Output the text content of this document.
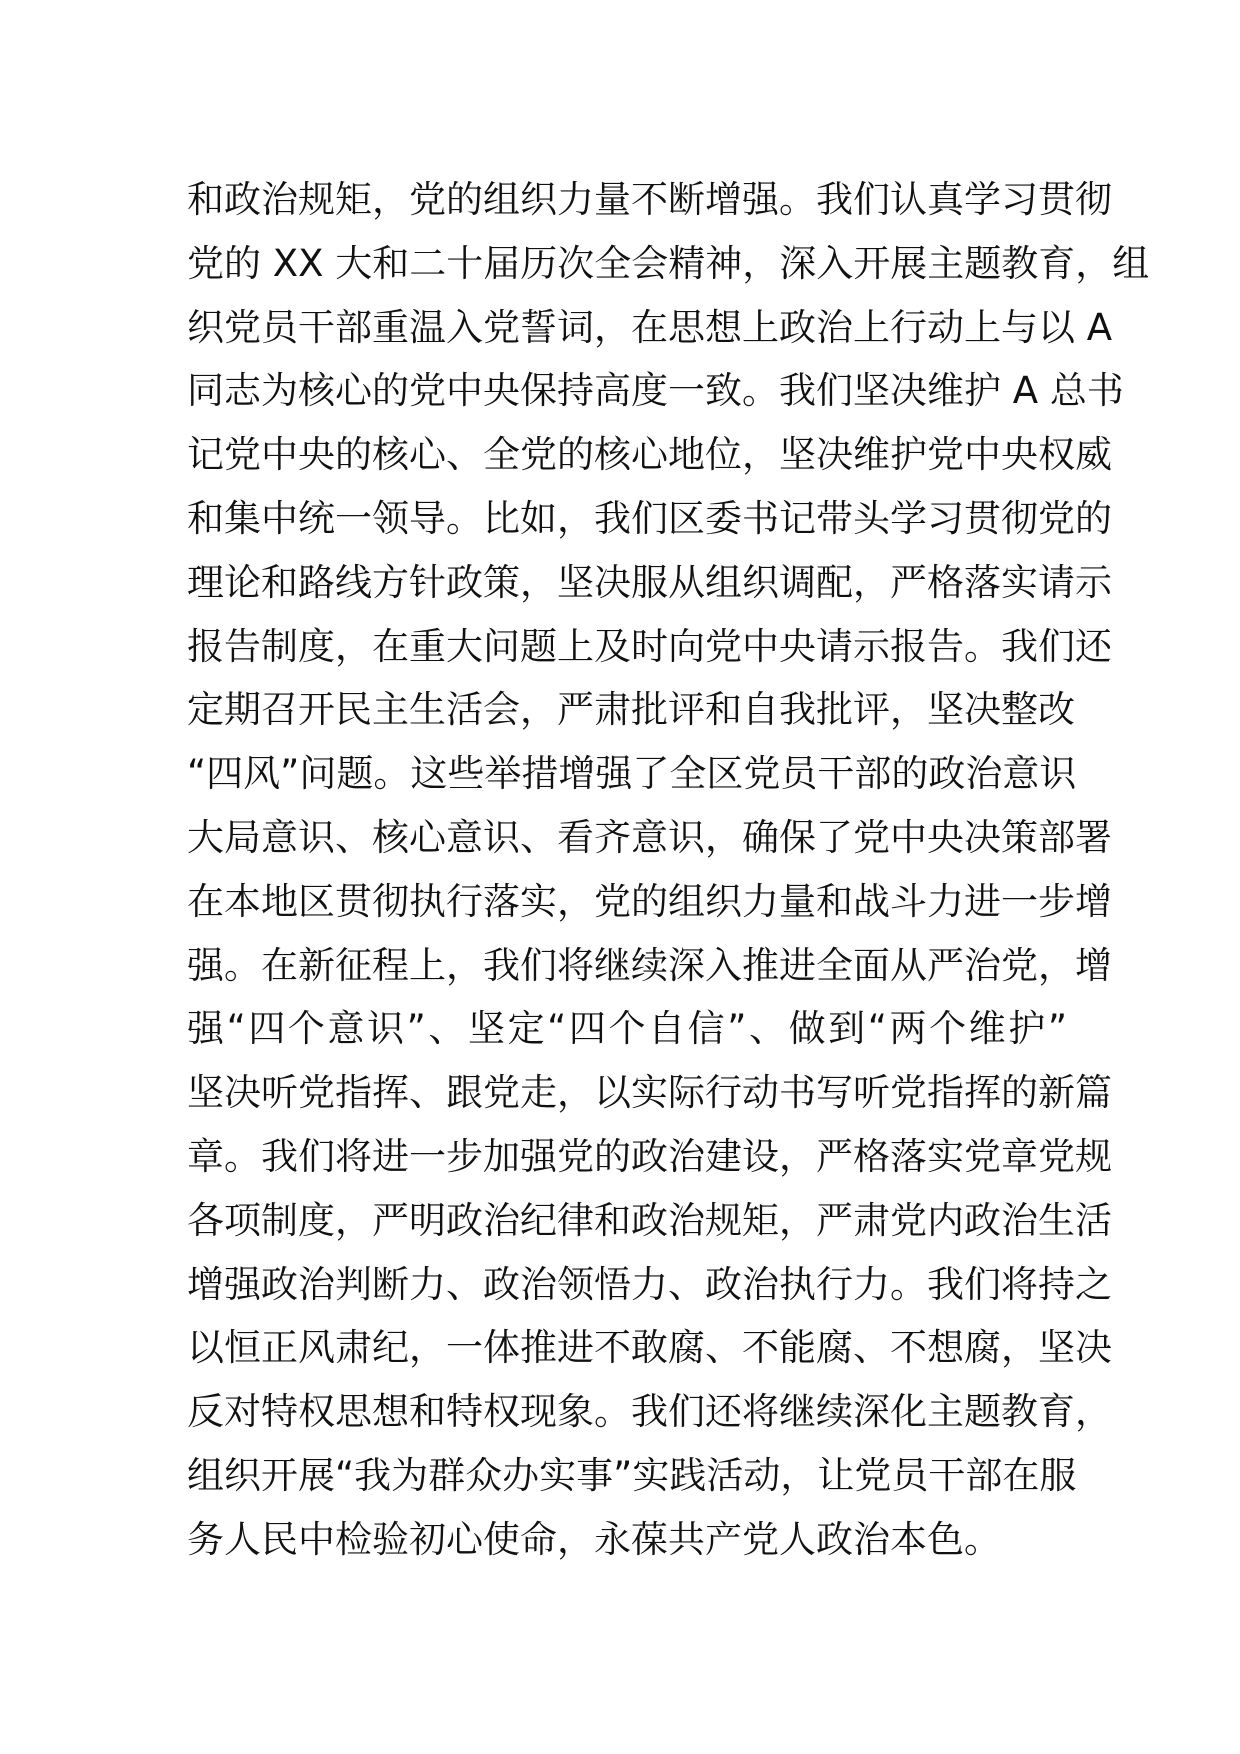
和政治规矩，党的组织力量不断增强。我们认真学习贯彻
党的 XX 大和二十届历次全会精神，深入开展主题教育，组
织党员干部重温入党誓词，在思想上政治上行动上与以 A
同志为核心的党中央保持高度一致。我们坚决维护 A 总书
记党中央的核心、全党的核心地位，坚决维护党中央权威
和集中统一领导。比如，我们区委书记带头学习贯彻党的
理论和路线方针政策，坚决服从组织调配，严格落实请示
报告制度，在重大问题上及时向党中央请示报告。我们还
定期召开民主生活会，严肃批评和自我批评，坚决整改
“四风”问题。这些举措增强了全区党员干部的政治意识
大局意识、核心意识、看齐意识，确保了党中央决策部署
在本地区贯彻执行落实，党的组织力量和战斗力进一步增
强。在新征程上，我们将继续深入推进全面从严治党，增
强“四个意识”、坚定“四个自信”、做到“两个维护”
坚决听党指挥、跟党走，以实际行动书写听党指挥的新篇
章。我们将进一步加强党的政治建设，严格落实党章党规
各项制度，严明政治纪律和政治规矩，严肃党内政治生活
增强政治判断力、政治领悟力、政治执行力。我们将持之
以恒正风肃纪，一体推进不敢腐、不能腐、不想腐，坚决
反对特权思想和特权现象。我们还将继续深化主题教育，
组织开展“我为群众办实事”实践活动，让党员干部在服
务人民中检验初心使命，永葆共产党人政治本色。
